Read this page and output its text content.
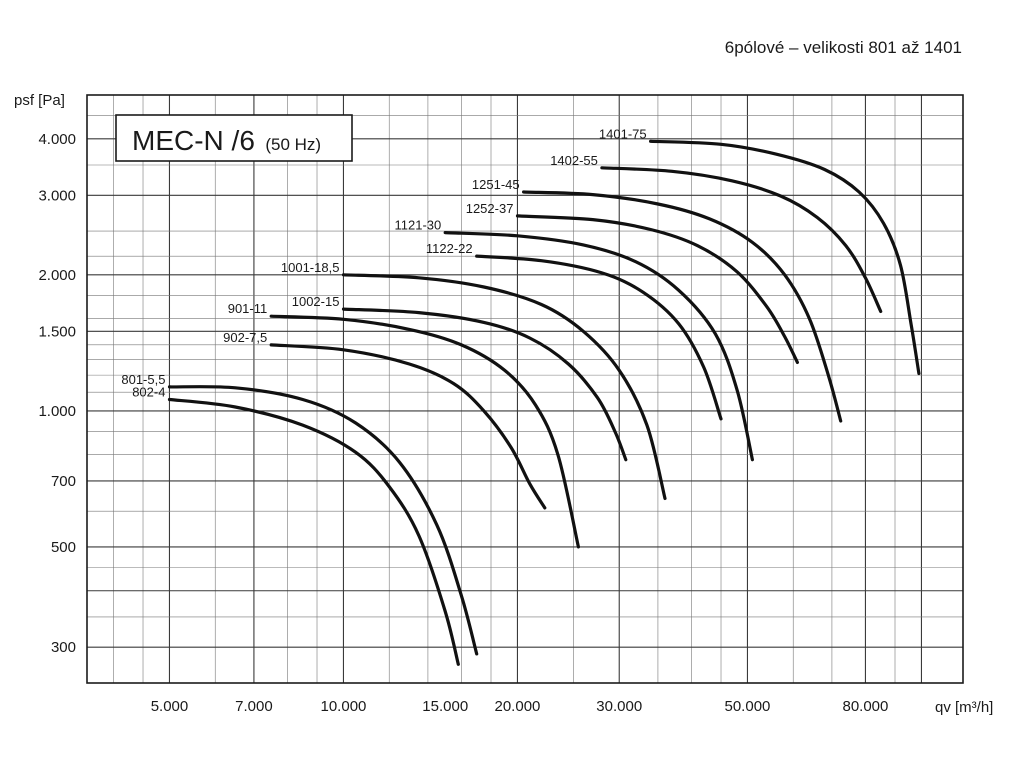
6pólové – velikosti 801 až 1401
801-5,5
802-4
902-7,5
901-11 1002-15
1001-18,5
1122-22
1121-30
1252-37
1251-45
1402-55
1401-75
5.000	7.000	10.000	15.000 20.000	30.000	50.000	80.000
300
500
700
1.000
1.500
2.000
3.000
4.000 MEC-N /6 (50 Hz)
psf [Pa]
qv [m³/h]
